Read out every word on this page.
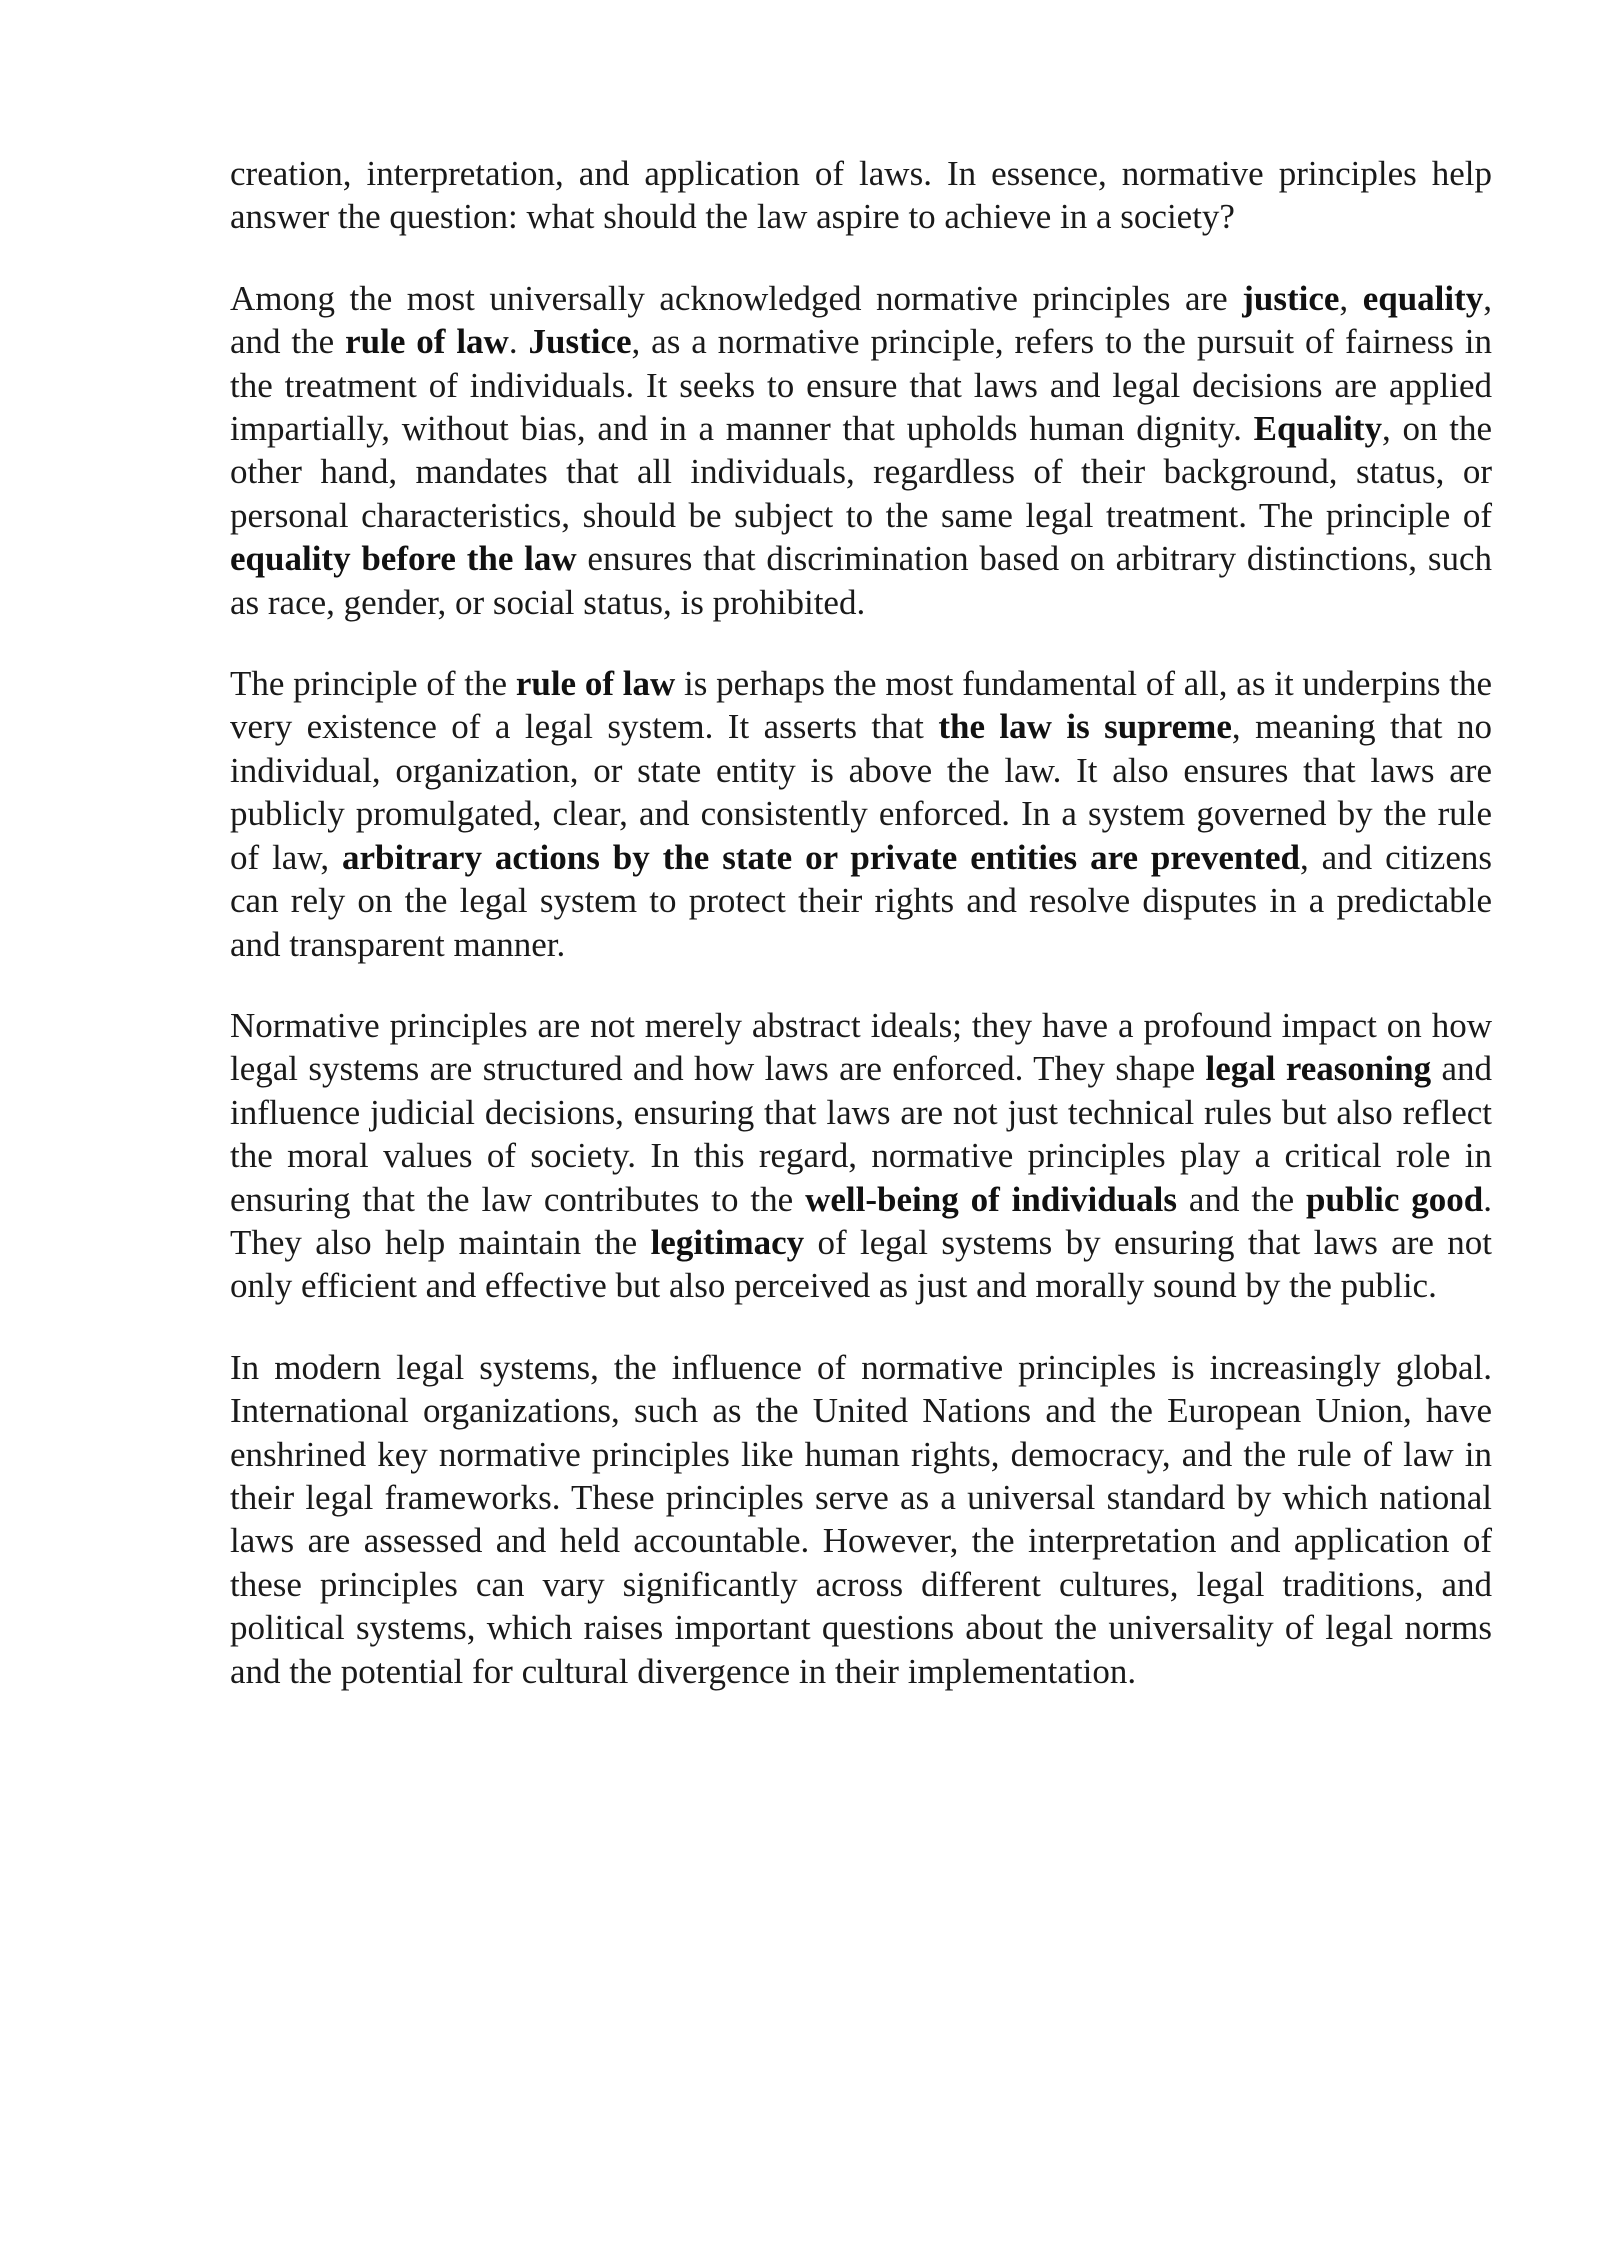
creation, interpretation, and application of laws. In essence, normative principles help answer the question: what should the law aspire to achieve in a society?

Among the most universally acknowledged normative principles are justice, equality, and the rule of law. Justice, as a normative principle, refers to the pursuit of fairness in the treatment of individuals. It seeks to ensure that laws and legal decisions are applied impartially, without bias, and in a manner that upholds human dignity. Equality, on the other hand, mandates that all individuals, regardless of their background, status, or personal characteristics, should be subject to the same legal treatment. The principle of equality before the law ensures that discrimination based on arbitrary distinctions, such as race, gender, or social status, is prohibited.

The principle of the rule of law is perhaps the most fundamental of all, as it underpins the very existence of a legal system. It asserts that the law is supreme, meaning that no individual, organization, or state entity is above the law. It also ensures that laws are publicly promulgated, clear, and consistently enforced. In a system governed by the rule of law, arbitrary actions by the state or private entities are prevented, and citizens can rely on the legal system to protect their rights and resolve disputes in a predictable and transparent manner.

Normative principles are not merely abstract ideals; they have a profound impact on how legal systems are structured and how laws are enforced. They shape legal reasoning and influence judicial decisions, ensuring that laws are not just technical rules but also reflect the moral values of society. In this regard, normative principles play a critical role in ensuring that the law contributes to the well-being of individuals and the public good. They also help maintain the legitimacy of legal systems by ensuring that laws are not only efficient and effective but also perceived as just and morally sound by the public.

In modern legal systems, the influence of normative principles is increasingly global. International organizations, such as the United Nations and the European Union, have enshrined key normative principles like human rights, democracy, and the rule of law in their legal frameworks. These principles serve as a universal standard by which national laws are assessed and held accountable. However, the interpretation and application of these principles can vary significantly across different cultures, legal traditions, and political systems, which raises important questions about the universality of legal norms and the potential for cultural divergence in their implementation.
